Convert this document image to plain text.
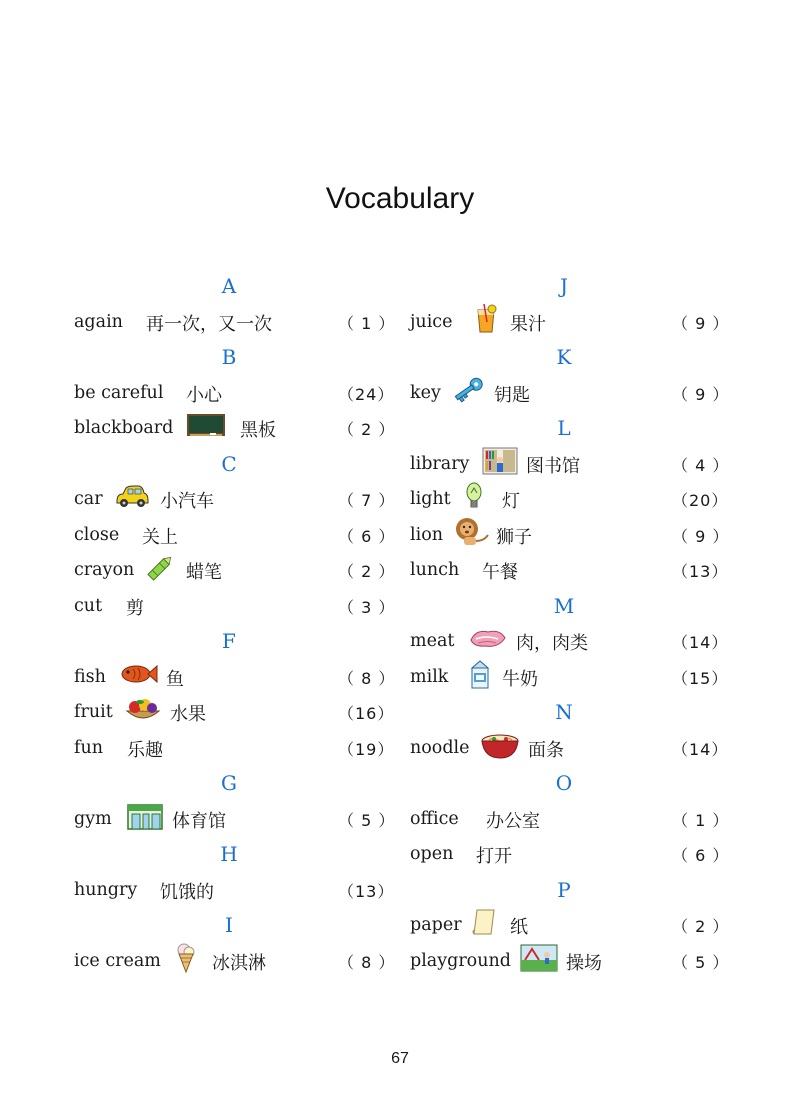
Vocabulary
A
again 再一次，又一次	（ 1 ）
B
be careful 小心	（24）
blackboard	黑板	（ 2 ）
C
car	小汽车	（ 7 ）
close 关上	（ 6 ）
crayon	蜡笔	（ 2 ）
cut 剪	（ 3 ）
F
fish	鱼	（ 8 ）
fruit	水果	（16）
fun 乐趣	（19）
G
gym	体育馆	（ 5 ）
H
hungry 饥饿的	（13）
I
ice cream	冰淇淋	（ 8 ）
J
juice	果汁	（ 9 ）
K
key	钥匙	（ 9 ）
L
library	图书馆	（ 4 ）
light	灯	（20）
lion	狮子	（ 9 ）
lunch 午餐	（13）
M
meat	肉，肉类	（14）
milk	牛奶	（15）
N
noodle	面条	（14）
O
office 办公室	（ 1 ）
open 打开	（ 6 ）
P
paper	纸	（ 2 ）
playground	操场	（ 5 ）
67
